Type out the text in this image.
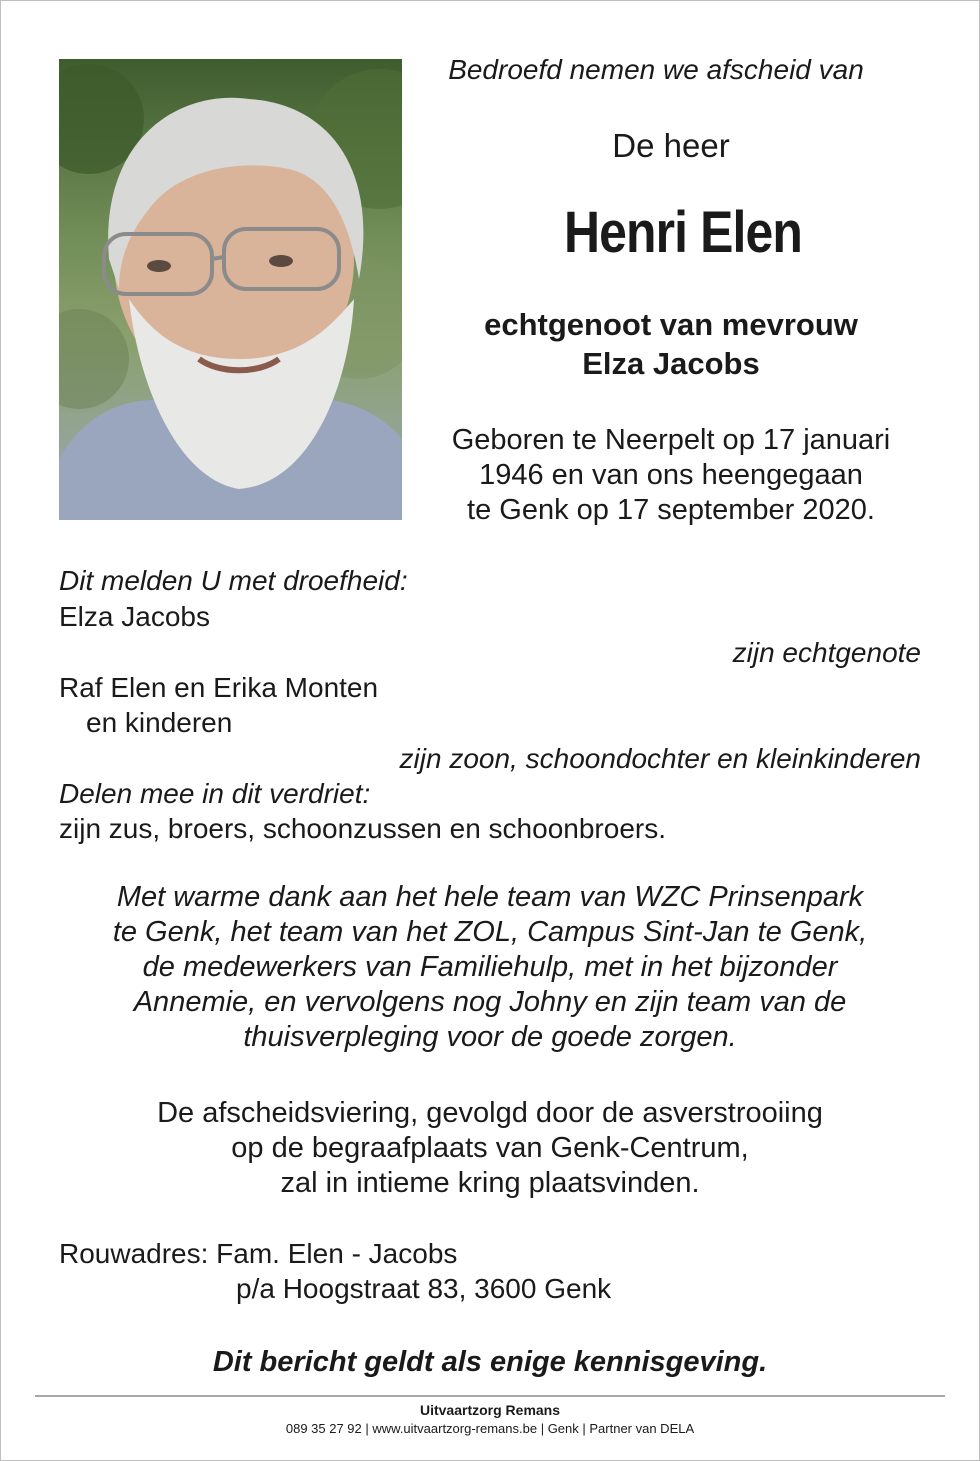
Bedroefd nemen we afscheid van
De heer
Henri Elen
echtgenoot van mevrouw
Elza Jacobs
Geboren te Neerpelt op 17 januari
1946 en van ons heengegaan
te Genk op 17 september 2020.
Dit melden U met droefheid:
Elza Jacobs
zijn echtgenote
Raf Elen en Erika Monten
en kinderen
zijn zoon, schoondochter en kleinkinderen
Delen mee in dit verdriet:
zijn zus, broers, schoonzussen en schoonbroers.
Met warme dank aan het hele team van WZC Prinsenpark
te Genk, het team van het ZOL, Campus Sint-Jan te Genk,
de medewerkers van Familiehulp, met in het bijzonder
Annemie, en vervolgens nog Johny en zijn team van de
thuisverpleging voor de goede zorgen.
De afscheidsviering, gevolgd door de asverstrooiing
op de begraafplaats van Genk-Centrum,
zal in intieme kring plaatsvinden.
Rouwadres: Fam. Elen - Jacobs
p/a Hoogstraat 83, 3600 Genk
Dit bericht geldt als enige kennisgeving.
Uitvaartzorg Remans
089 35 27 92 | www.uitvaartzorg-remans.be | Genk | Partner van DELA
